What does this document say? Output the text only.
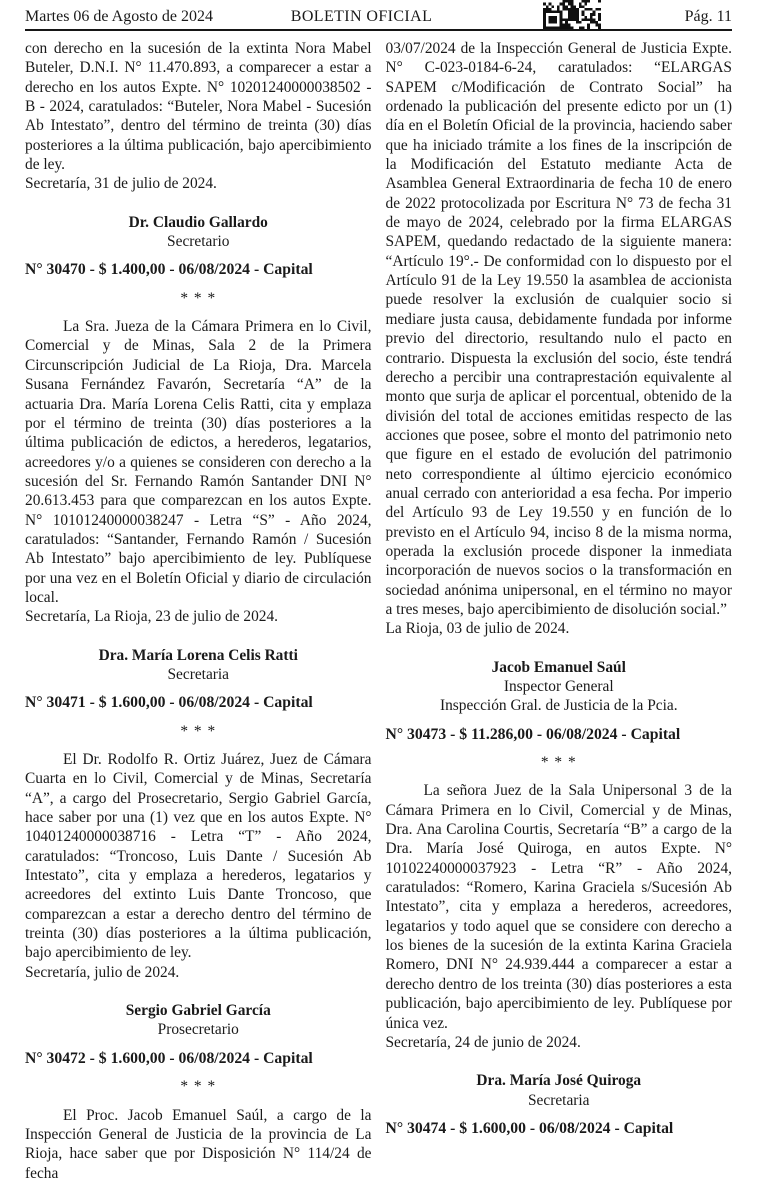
Martes 06 de Agosto de 2024	BOLETIN OFICIAL	Pág. 11
con derecho en la sucesión de la extinta Nora Mabel Buteler, D.N.I. N° 11.470.893, a comparecer a estar a derecho en los autos Expte. N° 10201240000038502 - B - 2024, caratulados: “Buteler, Nora Mabel - Sucesión Ab Intestato”, dentro del término de treinta (30) días posteriores a la última publicación, bajo apercibimiento de ley.
Secretaría, 31 de julio de 2024.
Dr. Claudio Gallardo
Secretario
N° 30470 - $ 1.400,00 - 06/08/2024 - Capital
* * *
La Sra. Jueza de la Cámara Primera en lo Civil, Comercial y de Minas, Sala 2 de la Primera Circunscripción Judicial de La Rioja, Dra. Marcela Susana Fernández Favarón, Secretaría “A” de la actuaria Dra. María Lorena Celis Ratti, cita y emplaza por el término de treinta (30) días posteriores a la última publicación de edictos, a herederos, legatarios, acreedores y/o a quienes se consideren con derecho a la sucesión del Sr. Fernando Ramón Santander DNI N° 20.613.453 para que comparezcan en los autos Expte. N° 10101240000038247 - Letra “S” - Año 2024, caratulados: “Santander, Fernando Ramón / Sucesión Ab Intestato” bajo apercibimiento de ley. Publíquese por una vez en el Boletín Oficial y diario de circulación local.
Secretaría, La Rioja, 23 de julio de 2024.
Dra. María Lorena Celis Ratti
Secretaria
N° 30471 - $ 1.600,00 - 06/08/2024 - Capital
* * *
El Dr. Rodolfo R. Ortiz Juárez, Juez de Cámara Cuarta en lo Civil, Comercial y de Minas, Secretaría “A”, a cargo del Prosecretario, Sergio Gabriel García, hace saber por una (1) vez que en los autos Expte. N° 10401240000038716 - Letra “T” - Año 2024, caratulados: “Troncoso, Luis Dante / Sucesión Ab Intestato”, cita y emplaza a herederos, legatarios y acreedores del extinto Luis Dante Troncoso, que comparezcan a estar a derecho dentro del término de treinta (30) días posteriores a la última publicación, bajo apercibimiento de ley.
Secretaría, julio de 2024.
Sergio Gabriel García
Prosecretario
N° 30472 - $ 1.600,00 - 06/08/2024 - Capital
* * *
El Proc. Jacob Emanuel Saúl, a cargo de la Inspección General de Justicia de la provincia de La Rioja, hace saber que por Disposición N° 114/24 de fecha
03/07/2024 de la Inspección General de Justicia Expte. N° C-023-0184-6-24, caratulados: “ELARGAS SAPEM c/Modificación de Contrato Social” ha ordenado la publicación del presente edicto por un (1) día en el Boletín Oficial de la provincia, haciendo saber que ha iniciado trámite a los fines de la inscripción de la Modificación del Estatuto mediante Acta de Asamblea General Extraordinaria de fecha 10 de enero de 2022 protocolizada por Escritura N° 73 de fecha 31 de mayo de 2024, celebrado por la firma ELARGAS SAPEM, quedando redactado de la siguiente manera: “Artículo 19°.- De conformidad con lo dispuesto por el Artículo 91 de la Ley 19.550 la asamblea de accionista puede resolver la exclusión de cualquier socio si mediare justa causa, debidamente fundada por informe previo del directorio, resultando nulo el pacto en contrario. Dispuesta la exclusión del socio, éste tendrá derecho a percibir una contraprestación equivalente al monto que surja de aplicar el porcentual, obtenido de la división del total de acciones emitidas respecto de las acciones que posee, sobre el monto del patrimonio neto que figure en el estado de evolución del patrimonio neto correspondiente al último ejercicio económico anual cerrado con anterioridad a esa fecha. Por imperio del Artículo 93 de Ley 19.550 y en función de lo previsto en el Artículo 94, inciso 8 de la misma norma, operada la exclusión procede disponer la inmediata incorporación de nuevos socios o la transformación en sociedad anónima unipersonal, en el término no mayor a tres meses, bajo apercibimiento de disolución social.”
La Rioja, 03 de julio de 2024.
Jacob Emanuel Saúl
Inspector General
Inspección Gral. de Justicia de la Pcia.
N° 30473 - $ 11.286,00 - 06/08/2024 - Capital
* * *
La señora Juez de la Sala Unipersonal 3 de la Cámara Primera en lo Civil, Comercial y de Minas, Dra. Ana Carolina Courtis, Secretaría “B” a cargo de la Dra. María José Quiroga, en autos Expte. N° 10102240000037923 - Letra “R” - Año 2024, caratulados: “Romero, Karina Graciela s/Sucesión Ab Intestato”, cita y emplaza a herederos, acreedores, legatarios y todo aquel que se considere con derecho a los bienes de la sucesión de la extinta Karina Graciela Romero, DNI N° 24.939.444 a comparecer a estar a derecho dentro de los treinta (30) días posteriores a esta publicación, bajo apercibimiento de ley. Publíquese por única vez.
Secretaría, 24 de junio de 2024.
Dra. María José Quiroga
Secretaria
N° 30474 - $ 1.600,00 - 06/08/2024 - Capital
